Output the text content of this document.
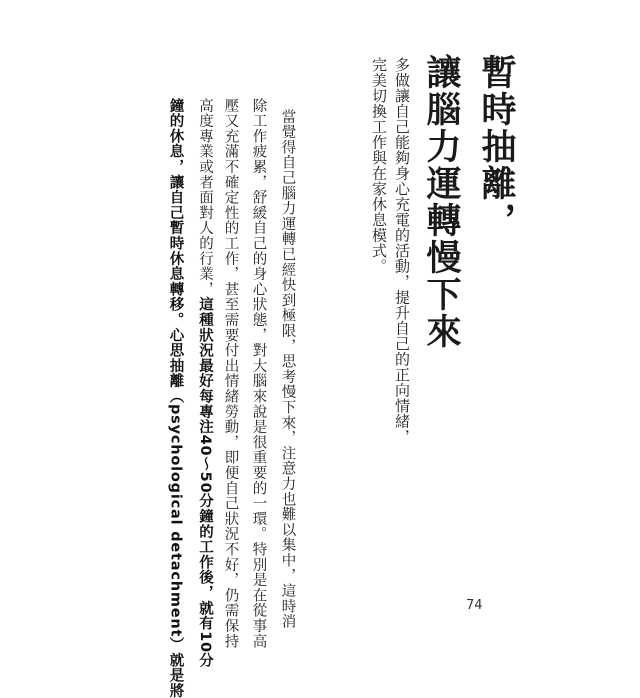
暫時抽離，
讓腦力運轉慢下來
多做讓自己能夠身心充電的活動，提升自己的正向情緒，
完美切換工作與在家休息模式。
當覺得自己腦力運轉已經快到極限，思考慢下來，注意力也難以集中，這時消
除工作疲累，舒緩自己的身心狀態，對大腦來說是很重要的一環。特別是在從事高
壓又充滿不確定性的工作，甚至需要付出情緒勞動，即便自己狀況不好，仍需保持
高度專業或者面對人的行業，這種狀況最好每專注40～50分鐘的工作後，就有10分
鐘的休息，讓自己暫時休息轉移。心思抽離（psychological detachment）就是將	74
